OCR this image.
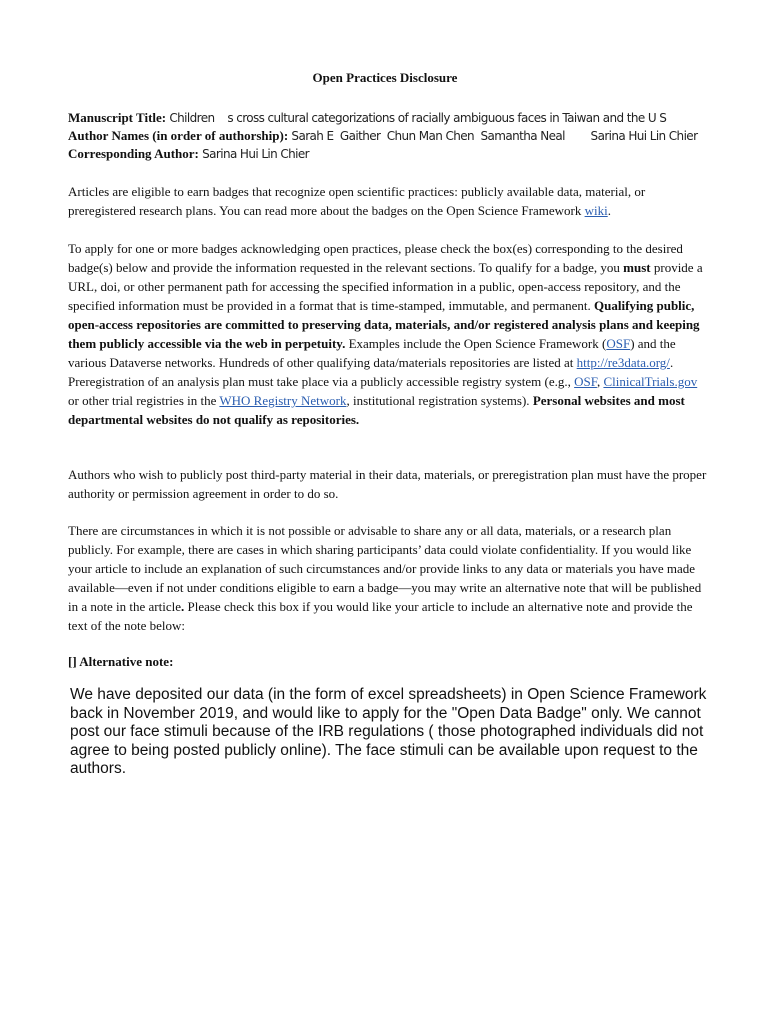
Open Practices Disclosure
Manuscript Title: Children    s cross cultural categorizations of racially ambiguous faces in Taiwan and the U S
Author Names (in order of authorship): Sarah E  Gaither  Chun Man Chen  Samantha Neal        Sarina Hui Lin Chier
Corresponding Author: Sarina Hui Lin Chier

Articles are eligible to earn badges that recognize open scientific practices: publicly available data, material, or preregistered research plans. You can read more about the badges on the Open Science Framework wiki.

To apply for one or more badges acknowledging open practices, please check the box(es) corresponding to the desired badge(s) below and provide the information requested in the relevant sections. To qualify for a badge, you must provide a URL, doi, or other permanent path for accessing the specified information in a public, open-access repository, and the specified information must be provided in a format that is time-stamped, immutable, and permanent. Qualifying public, open-access repositories are committed to preserving data, materials, and/or registered analysis plans and keeping them publicly accessible via the web in perpetuity. Examples include the Open Science Framework (OSF) and the various Dataverse networks. Hundreds of other qualifying data/materials repositories are listed at http://re3data.org/. Preregistration of an analysis plan must take place via a publicly accessible registry system (e.g., OSF, ClinicalTrials.gov or other trial registries in the WHO Registry Network, institutional registration systems). Personal websites and most departmental websites do not qualify as repositories.

Authors who wish to publicly post third-party material in their data, materials, or preregistration plan must have the proper authority or permission agreement in order to do so.

There are circumstances in which it is not possible or advisable to share any or all data, materials, or a research plan publicly. For example, there are cases in which sharing participants’ data could violate confidentiality. If you would like your article to include an explanation of such circumstances and/or provide links to any data or materials you have made available—even if not under conditions eligible to earn a badge—you may write an alternative note that will be published in a note in the article. Please check this box if you would like your article to include an alternative note and provide the text of the note below:

[] Alternative note:

We have deposited our data (in the form of excel spreadsheets) in Open Science Framework back in November 2019, and would like to apply for the "Open Data Badge" only. We cannot post our face stimuli because of the IRB regulations ( those photographed individuals did not agree to being posted publicly online). The face stimuli can be available upon request to the authors.
